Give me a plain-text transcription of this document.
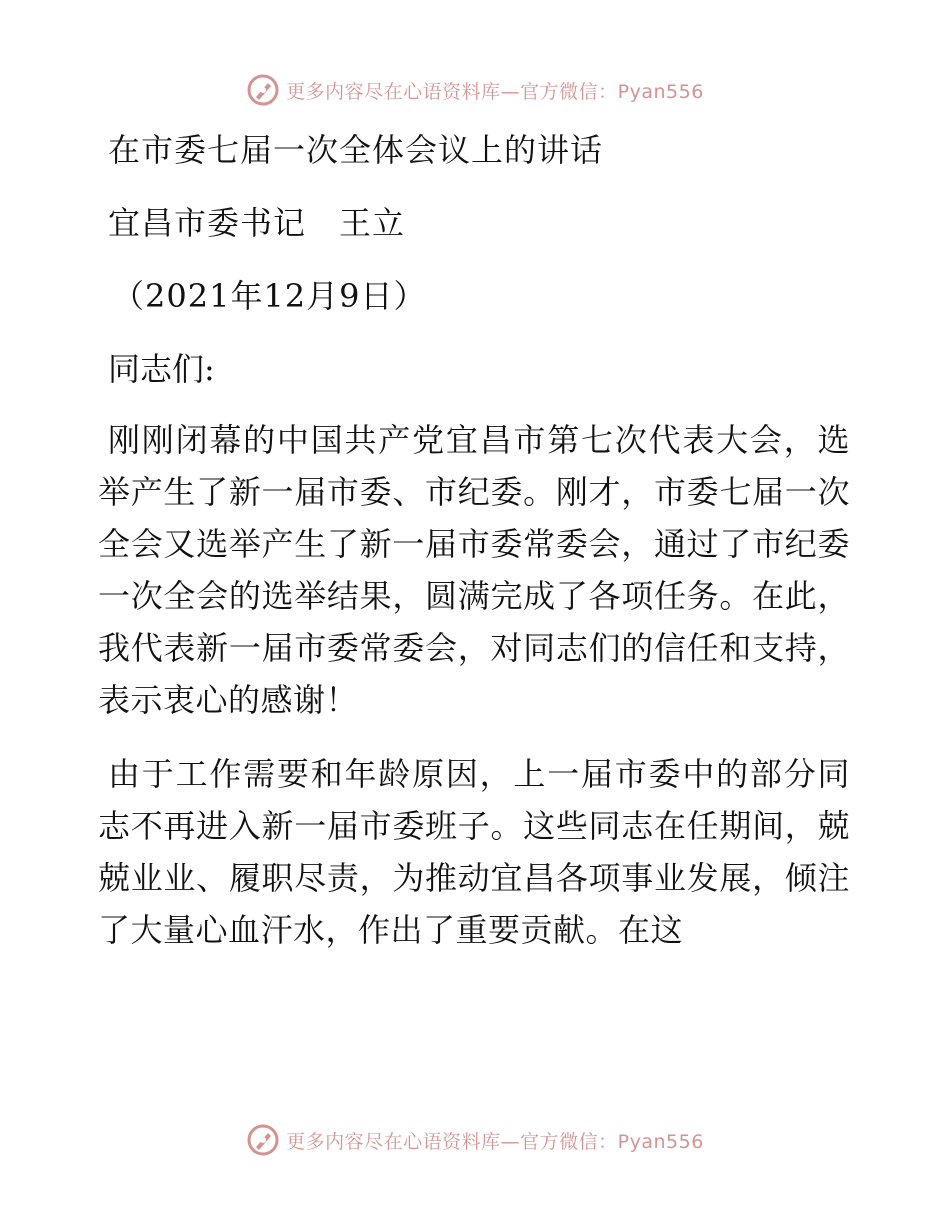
更多内容尽在心语资料库—官方微信：Pyan556

在市委七届一次全体会议上的讲话

宜昌市委书记　王立

（2021年12月9日）

同志们:

刚刚闭幕的中国共产党宜昌市第七次代表大会，选举产生了新一届市委、市纪委。刚才，市委七届一次全会又选举产生了新一届市委常委会，通过了市纪委一次全会的选举结果，圆满完成了各项任务。在此，我代表新一届市委常委会，对同志们的信任和支持，表示衷心的感谢！

由于工作需要和年龄原因，上一届市委中的部分同志不再进入新一届市委班子。这些同志在任期间，兢兢业业、履职尽责，为推动宜昌各项事业发展，倾注了大量心血汗水，作出了重要贡献。在这

更多内容尽在心语资料库—官方微信：Pyan556
